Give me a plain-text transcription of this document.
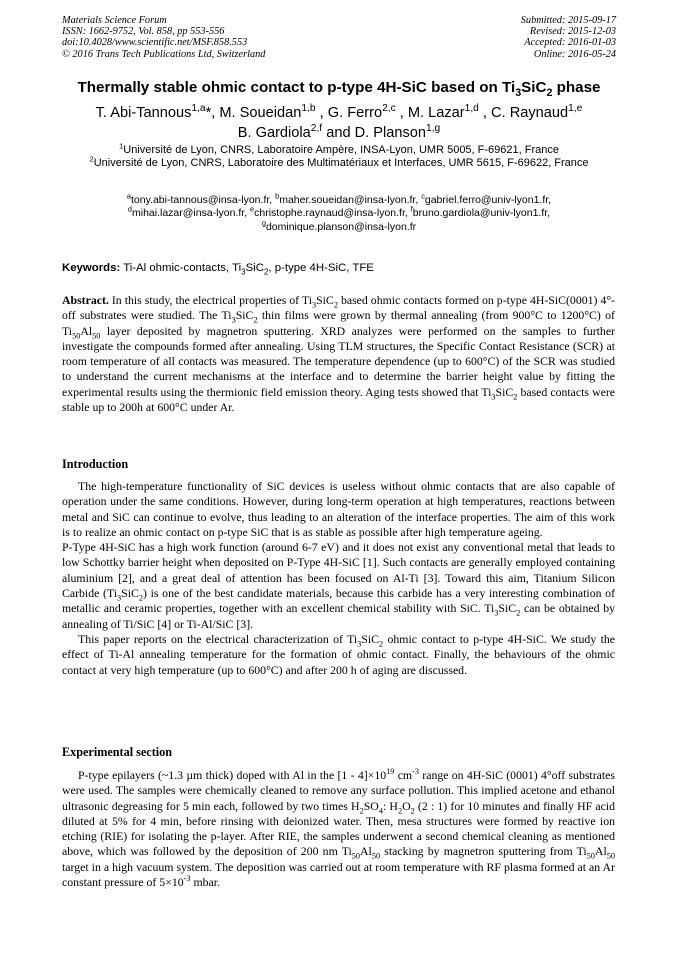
Materials Science Forum
ISSN: 1662-9752, Vol. 858, pp 553-556
doi:10.4028/www.scientific.net/MSF.858.553
© 2016 Trans Tech Publications Ltd, Switzerland
Submitted: 2015-09-17
Revised: 2015-12-03
Accepted: 2016-01-03
Online: 2016-05-24
Thermally stable ohmic contact to p-type 4H-SiC based on $Ti_3SiC_2$ phase
T. Abi-Tannous$^{1,a}$*, M. Soueidan$^{1,b}$ , G. Ferro$^{2,c}$ , M. Lazar$^{1,d}$ , C. Raynaud$^{1,e}$
B. Gardiola$^{2,f}$ and D. Planson$^{1,g}$
$^1$Université de Lyon, CNRS, Laboratoire Ampère, INSA-Lyon, UMR 5005, F-69621, France
$^2$Université de Lyon, CNRS, Laboratoire des Multimatériaux et Interfaces, UMR 5615, F-69622, France
$^a$tony.abi-tannous@insa-lyon.fr, $^b$maher.soueidan@insa-lyon.fr, $^c$gabriel.ferro@univ-lyon1.fr,
$^d$mihai.lazar@insa-lyon.fr, $^e$christophe.raynaud@insa-lyon.fr, $^f$bruno.gardiola@univ-lyon1.fr,
$^g$dominique.planson@insa-lyon.fr
Keywords: Ti-Al ohmic-contacts, $Ti_3SiC_2$, p-type 4H-SiC, TFE

Abstract. In this study, the electrical properties of $Ti_3SiC_2$ based ohmic contacts formed on p-type 4H-SiC(0001) 4°-off substrates were studied. The $Ti_3SiC_2$ thin films were grown by thermal annealing (from 900°C to 1200°C) of $Ti_{50}Al_{50}$ layer deposited by magnetron sputtering. XRD analyzes were performed on the samples to further investigate the compounds formed after annealing. Using TLM structures, the Specific Contact Resistance (SCR) at room temperature of all contacts was measured. The temperature dependence (up to 600°C) of the SCR was studied to understand the current mechanisms at the interface and to determine the barrier height value by fitting the experimental results using the thermionic field emission theory. Aging tests showed that $Ti_3SiC_2$ based contacts were stable up to 200h at 600°C under Ar.

Introduction

The high-temperature functionality of SiC devices is useless without ohmic contacts that are also capable of operation under the same conditions. However, during long-term operation at high temperatures, reactions between metal and SiC can continue to evolve, thus leading to an alteration of the interface properties. The aim of this work is to realize an ohmic contact on p-type SiC that is as stable as possible after high temperature ageing.

P-Type 4H-SiC has a high work function (around 6-7 eV) and it does not exist any conventional metal that leads to low Schottky barrier height when deposited on P-Type 4H-SiC [1]. Such contacts are generally employed containing aluminium [2], and a great deal of attention has been focused on Al-Ti [3]. Toward this aim, Titanium Silicon Carbide $(Ti_3SiC_2)$ is one of the best candidate materials, because this carbide has a very interesting combination of metallic and ceramic properties, together with an excellent chemical stability with SiC. $Ti_3SiC_2$ can be obtained by annealing of Ti/SiC [4] or Ti-Al/SiC [3].

This paper reports on the electrical characterization of $Ti_3SiC_2$ ohmic contact to p-type 4H-SiC. We study the effect of Ti-Al annealing temperature for the formation of ohmic contact. Finally, the behaviours of the ohmic contact at very high temperature (up to 600°C) and after 200 h of aging are discussed.

Experimental section

P-type epilayers (~1.3 µm thick) doped with Al in the $[1 - 4]\times 10^{19}$ $cm^{-3}$ range on 4H-SiC (0001) 4°off substrates were used. The samples were chemically cleaned to remove any surface pollution. This implied acetone and ethanol ultrasonic degreasing for 5 min each, followed by two times $H_2SO_4$: $H_2O_2$ (2 : 1) for 10 minutes and finally HF acid diluted at 5% for 4 min, before rinsing with deionized water. Then, mesa structures were formed by reactive ion etching (RIE) for isolating the p-layer. After RIE, the samples underwent a second chemical cleaning as mentioned above, which was followed by the deposition of 200 nm $Ti_{50}Al_{50}$ stacking by magnetron sputtering from $Ti_{50}Al_{50}$ target in a high vacuum system. The deposition was carried out at room temperature with RF plasma formed at an Ar constant pressure of $5\times 10^{-3}$ mbar.
